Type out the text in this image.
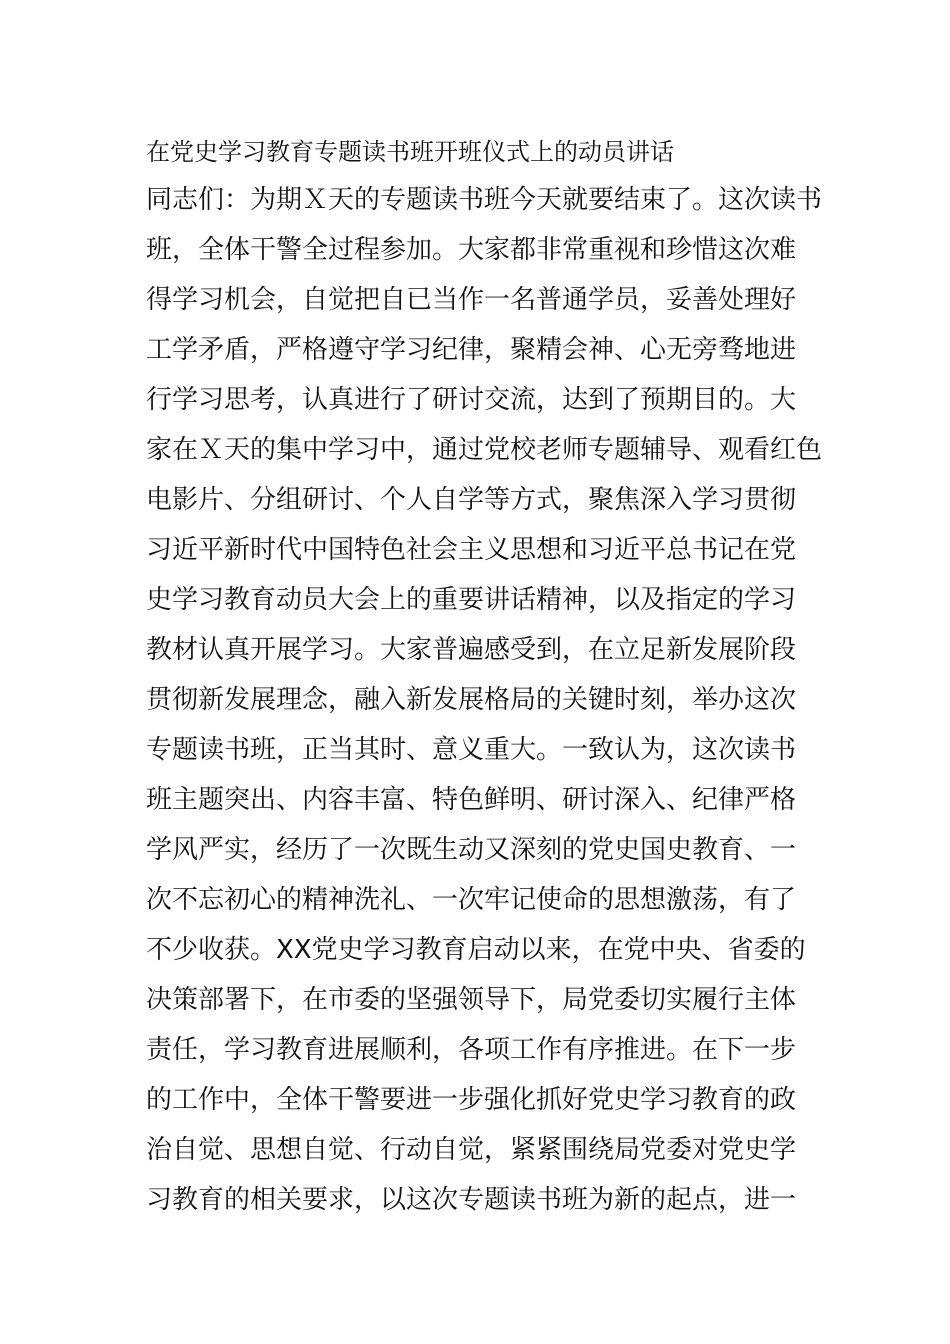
在党史学习教育专题读书班开班仪式上的动员讲话
同志们：为期Ｘ天的专题读书班今天就要结束了。这次读书
班，全体干警全过程参加。大家都非常重视和珍惜这次难
得学习机会，自觉把自已当作一名普通学员，妥善处理好
工学矛盾，严格遵守学习纪律，聚精会神、心无旁骛地进
行学习思考，认真进行了研讨交流，达到了预期目的。大
家在Ｘ天的集中学习中，通过党校老师专题辅导、观看红色
电影片、分组研讨、个人自学等方式，聚焦深入学习贯彻
习近平新时代中国特色社会主义思想和习近平总书记在党
史学习教育动员大会上的重要讲话精神，以及指定的学习
教材认真开展学习。大家普遍感受到，在立足新发展阶段
贯彻新发展理念，融入新发展格局的关键时刻，举办这次
专题读书班，正当其时、意义重大。一致认为，这次读书
班主题突出、内容丰富、特色鲜明、研讨深入、纪律严格
学风严实，经历了一次既生动又深刻的党史国史教育、一
次不忘初心的精神洗礼、一次牢记使命的思想激荡，有了
不少收获。XX党史学习教育启动以来，在党中央、省委的
决策部署下，在市委的坚强领导下，局党委切实履行主体
责任，学习教育进展顺利，各项工作有序推进。在下一步
的工作中，全体干警要进一步强化抓好党史学习教育的政
治自觉、思想自觉、行动自觉，紧紧围绕局党委对党史学
习教育的相关要求，以这次专题读书班为新的起点，进一
